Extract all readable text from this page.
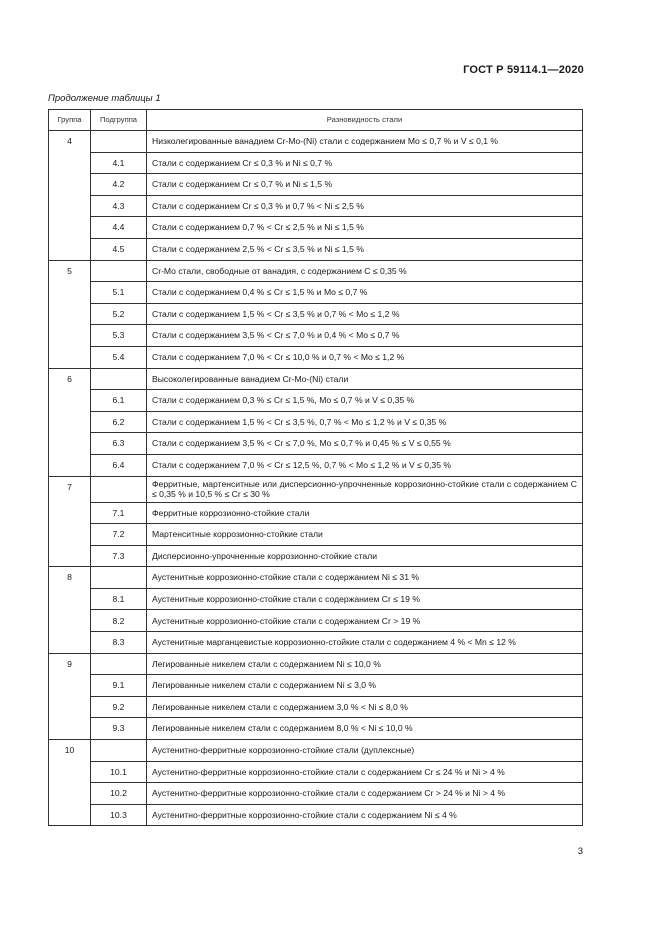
ГОСТ Р 59114.1—2020
Продолжение таблицы 1
Группа	Подгруппа	Разновидность стали
4		Низколегированные ванадием Cr-Mo-(Ni) стали с содержанием Mo ≤ 0,7 % и V ≤ 0,1 %
	4.1	Стали с содержанием Cr ≤ 0,3 % и Ni ≤ 0,7 %
	4.2	Стали с содержанием Cr ≤ 0,7 % и Ni ≤ 1,5 %
	4.3	Стали с содержанием Cr ≤ 0,3 % и 0,7 % < Ni ≤ 2,5 %
	4.4	Стали с содержанием 0,7 % < Cr ≤ 2,5 % и Ni ≤ 1,5 %
	4.5	Стали с содержанием 2,5 % < Cr ≤ 3,5 % и Ni ≤ 1,5 %
5		Cr-Mo стали, свободные от ванадия, с содержанием C ≤ 0,35 %
	5.1	Стали с содержанием 0,4 % ≤ Cr ≤ 1,5 % и Mo ≤ 0,7 %
	5.2	Стали с содержанием 1,5 % < Cr ≤ 3,5 % и 0,7 % < Mo ≤ 1,2 %
	5.3	Стали с содержанием 3,5 % < Cr ≤ 7,0 % и 0,4 % < Mo ≤ 0,7 %
	5.4	Стали с содержанием 7,0 % < Cr ≤ 10,0 % и 0,7 % < Mo ≤ 1,2 %
6		Высоколегированные ванадием Cr-Mo-(Ni) стали
	6.1	Стали с содержанием 0,3 % ≤ Cr ≤ 1,5 %, Mo ≤ 0,7 % и V ≤ 0,35 %
	6.2	Стали с содержанием 1,5 % < Cr ≤ 3,5 %, 0,7 % < Mo ≤ 1,2 % и V ≤ 0,35 %
	6.3	Стали с содержанием 3,5 % < Cr ≤ 7,0 %, Mo ≤ 0,7 % и 0,45 % ≤ V ≤ 0,55 %
	6.4	Стали с содержанием 7,0 % < Cr ≤ 12,5 %, 0,7 % < Mo ≤ 1,2 % и V ≤ 0,35 %
7		Ферритные, мартенситные или дисперсионно-упрочненные коррозионно-стойкие стали с содержанием C ≤ 0,35 % и 10,5 % ≤ Cr ≤ 30 %
	7.1	Ферритные коррозионно-стойкие стали
	7.2	Мартенситные коррозионно-стойкие стали
	7.3	Дисперсионно-упрочненные коррозионно-стойкие стали
8		Аустенитные коррозионно-стойкие стали с содержанием Ni ≤ 31 %
	8.1	Аустенитные коррозионно-стойкие стали с содержанием Cr ≤ 19 %
	8.2	Аустенитные коррозионно-стойкие стали с содержанием Cr > 19 %
	8.3	Аустенитные марганцевистые коррозионно-стойкие стали с содержанием 4 % < Mn ≤ 12 %
9		Легированные никелем стали с содержанием Ni ≤ 10,0 %
	9.1	Легированные никелем стали с содержанием Ni ≤ 3,0 %
	9.2	Легированные никелем стали с содержанием 3,0 % < Ni ≤ 8,0 %
	9.3	Легированные никелем стали с содержанием 8,0 % < Ni ≤ 10,0 %
10		Аустенитно-ферритные коррозионно-стойкие стали (дуплексные)
	10.1	Аустенитно-ферритные коррозионно-стойкие стали с содержанием Cr ≤ 24 % и Ni > 4 %
	10.2	Аустенитно-ферритные коррозионно-стойкие стали с содержанием Cr > 24 % и Ni > 4 %
	10.3	Аустенитно-ферритные коррозионно-стойкие стали с содержанием Ni ≤ 4 %
3
